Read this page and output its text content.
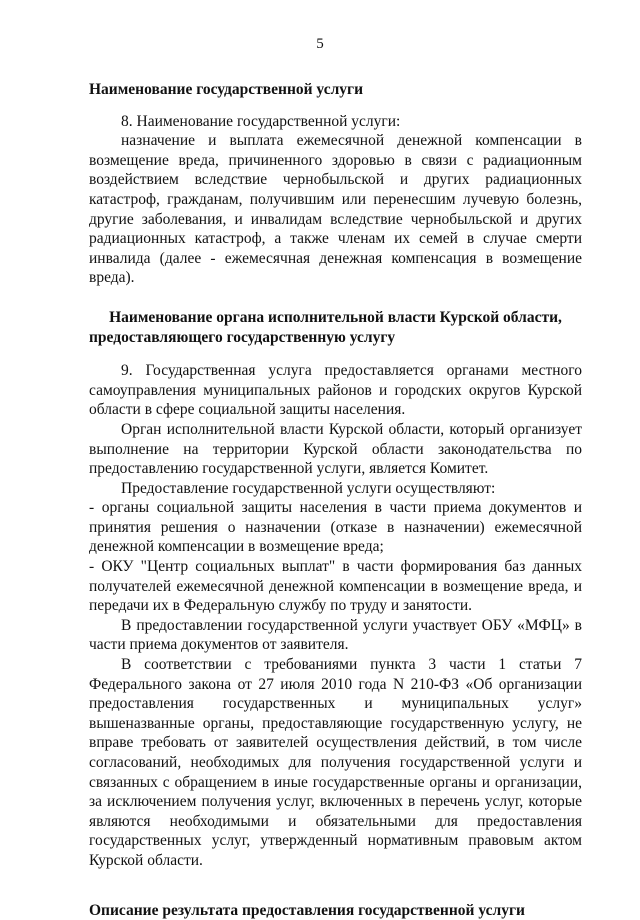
5

Наименование государственной услуги

8. Наименование государственной услуги:

назначение и выплата ежемесячной денежной компенсации в возмещение вреда, причиненного здоровью в связи с радиационным воздействием вследствие чернобыльской и других радиационных катастроф, гражданам, получившим или перенесшим лучевую болезнь, другие заболевания, и инвалидам вследствие чернобыльской и других радиационных катастроф, а также членам их семей в случае смерти инвалида (далее - ежемесячная денежная компенсация в возмещение вреда).

Наименование органа исполнительной власти Курской области, предоставляющего государственную услугу

9. Государственная услуга предоставляется органами местного самоуправления муниципальных районов и городских округов Курской области в сфере социальной защиты населения.

Орган исполнительной власти Курской области, который организует выполнение на территории Курской области законодательства по предоставлению государственной услуги, является Комитет.

Предоставление государственной услуги осуществляют:

- органы социальной защиты населения в части приема документов и принятия решения о назначении (отказе в назначении) ежемесячной денежной компенсации в возмещение вреда;

- ОКУ "Центр социальных выплат" в части формирования баз данных получателей ежемесячной денежной компенсации в возмещение вреда, и передачи их в Федеральную службу по труду и занятости.

В предоставлении государственной услуги участвует ОБУ «МФЦ» в части приема документов от заявителя.

В соответствии с требованиями пункта 3 части 1 статьи 7 Федерального закона от 27 июля 2010 года N 210-ФЗ «Об организации предоставления государственных и муниципальных услуг» вышеназванные органы, предоставляющие государственную услугу, не вправе требовать от заявителей осуществления действий, в том числе согласований, необходимых для получения государственной услуги и связанных с обращением в иные государственные органы и организации, за исключением получения услуг, включенных в перечень услуг, которые являются необходимыми и обязательными для предоставления государственных услуг, утвержденный нормативным правовым актом Курской области.

Описание результата предоставления государственной услуги
